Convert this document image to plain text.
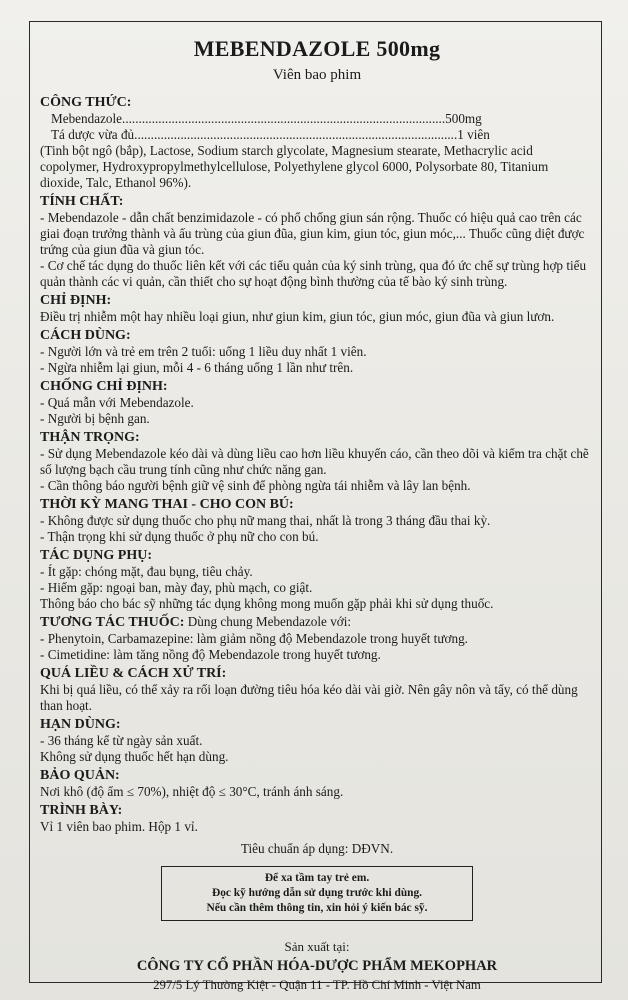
MEBENDAZOLE 500mg
Viên bao phim
CÔNG THỨC:
Mebendazole .................................................................................................. 500mg
Tá dược vừa đủ .................................................................................................. 1 viên
(Tinh bột ngô (bắp), Lactose, Sodium starch glycolate, Magnesium stearate, Methacrylic acid copolymer, Hydroxypropylmethylcellulose, Polyethylene glycol 6000, Polysorbate 80, Titanium dioxide, Talc, Ethanol 96%).
TÍNH CHẤT:
- Mebendazole - dẫn chất benzimidazole - có phổ chống giun sán rộng. Thuốc có hiệu quả cao trên các giai đoạn trưởng thành và ấu trùng của giun đũa, giun kim, giun tóc, giun móc,... Thuốc cũng diệt được trứng của giun đũa và giun tóc.
- Cơ chế tác dụng do thuốc liên kết với các tiểu quản của ký sinh trùng, qua đó ức chế sự trùng hợp tiểu quản thành các vi quản, cần thiết cho sự hoạt động bình thường của tế bào ký sinh trùng.
CHỈ ĐỊNH:
Điều trị nhiễm một hay nhiều loại giun, như giun kim, giun tóc, giun móc, giun đũa và giun lươn.
CÁCH DÙNG:
- Người lớn và trẻ em trên 2 tuổi: uống 1 liều duy nhất 1 viên.
- Ngừa nhiễm lại giun, mỗi 4 - 6 tháng uống 1 lần như trên.
CHỐNG CHỈ ĐỊNH:
- Quá mẫn với Mebendazole.
- Người bị bệnh gan.
THẬN TRỌNG:
- Sử dụng Mebendazole kéo dài và dùng liều cao hơn liều khuyến cáo, cần theo dõi và kiểm tra chặt chẽ số lượng bạch cầu trung tính cũng như chức năng gan.
- Cần thông báo người bệnh giữ vệ sinh để phòng ngừa tái nhiễm và lây lan bệnh.
THỜI KỲ MANG THAI - CHO CON BÚ:
- Không được sử dụng thuốc cho phụ nữ mang thai, nhất là trong 3 tháng đầu thai kỳ.
- Thận trọng khi sử dụng thuốc ở phụ nữ cho con bú.
TÁC DỤNG PHỤ:
- Ít gặp: chóng mặt, đau bụng, tiêu chảy.
- Hiếm gặp: ngoại ban, mày đay, phù mạch, co giật.
Thông báo cho bác sỹ những tác dụng không mong muốn gặp phải khi sử dụng thuốc.
TƯƠNG TÁC THUỐC: Dùng chung Mebendazole với:
- Phenytoin, Carbamazepine: làm giảm nồng độ Mebendazole trong huyết tương.
- Cimetidine: làm tăng nồng độ Mebendazole trong huyết tương.
QUÁ LIỀU & CÁCH XỬ TRÍ:
Khi bị quá liều, có thể xảy ra rối loạn đường tiêu hóa kéo dài vài giờ. Nên gây nôn và tẩy, có thể dùng than hoạt.
HẠN DÙNG:
- 36 tháng kể từ ngày sản xuất.
Không sử dụng thuốc hết hạn dùng.
BẢO QUẢN:
Nơi khô (độ ẩm ≤ 70%), nhiệt độ ≤ 30°C, tránh ánh sáng.
TRÌNH BÀY:
Vỉ 1 viên bao phim. Hộp 1 vỉ.
Tiêu chuẩn áp dụng: DĐVN.
Để xa tầm tay trẻ em.
Đọc kỹ hướng dẫn sử dụng trước khi dùng.
Nếu cần thêm thông tin, xin hỏi ý kiến bác sỹ.
Sản xuất tại:
CÔNG TY CỔ PHẦN HÓA-DƯỢC PHẨM MEKOPHAR
297/5 Lý Thường Kiệt - Quận 11 - TP. Hồ Chí Minh - Việt Nam
